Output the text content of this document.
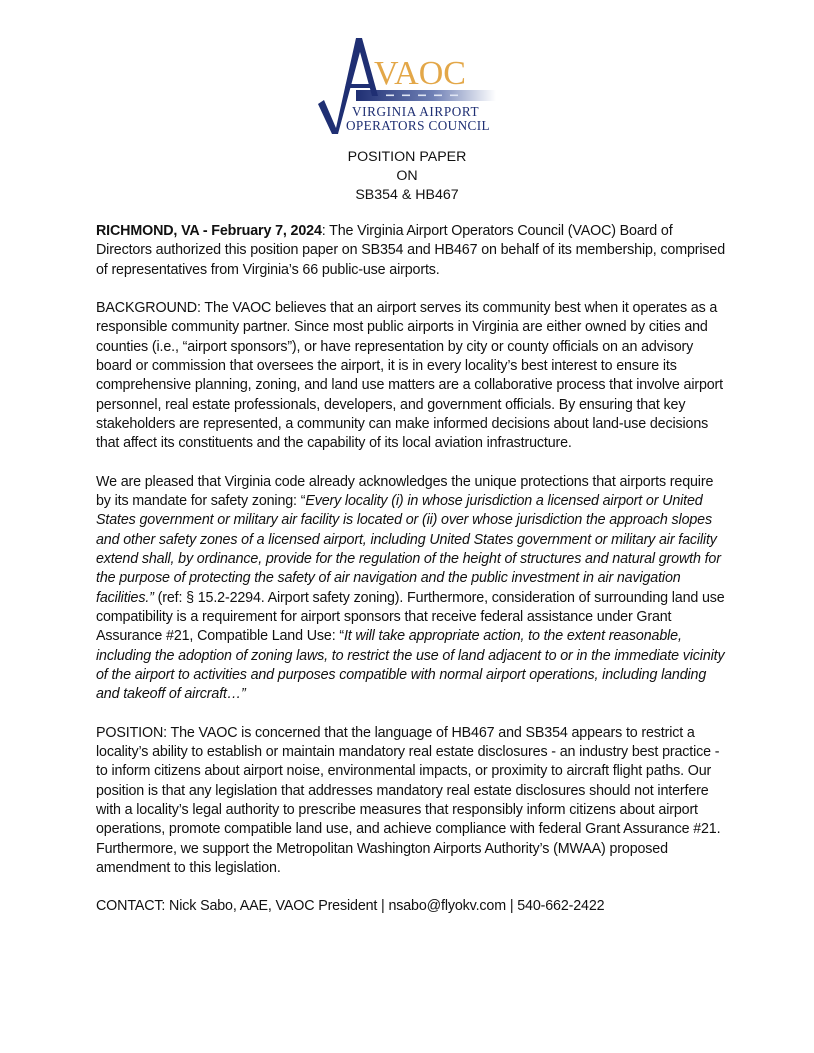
VAOC
VIRGINIA AIRPORT
OPERATORS COUNCIL
POSITION PAPER
ON
SB354 & HB467

RICHMOND, VA - February 7, 2024: The Virginia Airport Operators Council (VAOC) Board of Directors authorized this position paper on SB354 and HB467 on behalf of its membership, comprised of representatives from Virginia’s 66 public-use airports.

BACKGROUND: The VAOC believes that an airport serves its community best when it operates as a responsible community partner. Since most public airports in Virginia are either owned by cities and counties (i.e., “airport sponsors”), or have representation by city or county officials on an advisory board or commission that oversees the airport, it is in every locality’s best interest to ensure its comprehensive planning, zoning, and land use matters are a collaborative process that involve airport personnel, real estate professionals, developers, and government officials. By ensuring that key stakeholders are represented, a community can make informed decisions about land-use decisions that affect its constituents and the capability of its local aviation infrastructure.

We are pleased that Virginia code already acknowledges the unique protections that airports require by its mandate for safety zoning: “Every locality (i) in whose jurisdiction a licensed airport or United States government or military air facility is located or (ii) over whose jurisdiction the approach slopes and other safety zones of a licensed airport, including United States government or military air facility extend shall, by ordinance, provide for the regulation of the height of structures and natural growth for the purpose of protecting the safety of air navigation and the public investment in air navigation facilities.” (ref: § 15.2-2294. Airport safety zoning). Furthermore, consideration of surrounding land use compatibility is a requirement for airport sponsors that receive federal assistance under Grant Assurance #21, Compatible Land Use: “It will take appropriate action, to the extent reasonable, including the adoption of zoning laws, to restrict the use of land adjacent to or in the immediate vicinity of the airport to activities and purposes compatible with normal airport operations, including landing and takeoff of aircraft…”

POSITION: The VAOC is concerned that the language of HB467 and SB354 appears to restrict a locality’s ability to establish or maintain mandatory real estate disclosures - an industry best practice - to inform citizens about airport noise, environmental impacts, or proximity to aircraft flight paths. Our position is that any legislation that addresses mandatory real estate disclosures should not interfere with a locality’s legal authority to prescribe measures that responsibly inform citizens about airport operations, promote compatible land use, and achieve compliance with federal Grant Assurance #21. Furthermore, we support the Metropolitan Washington Airports Authority’s (MWAA) proposed amendment to this legislation.

CONTACT: Nick Sabo, AAE, VAOC President | nsabo@flyokv.com | 540-662-2422
